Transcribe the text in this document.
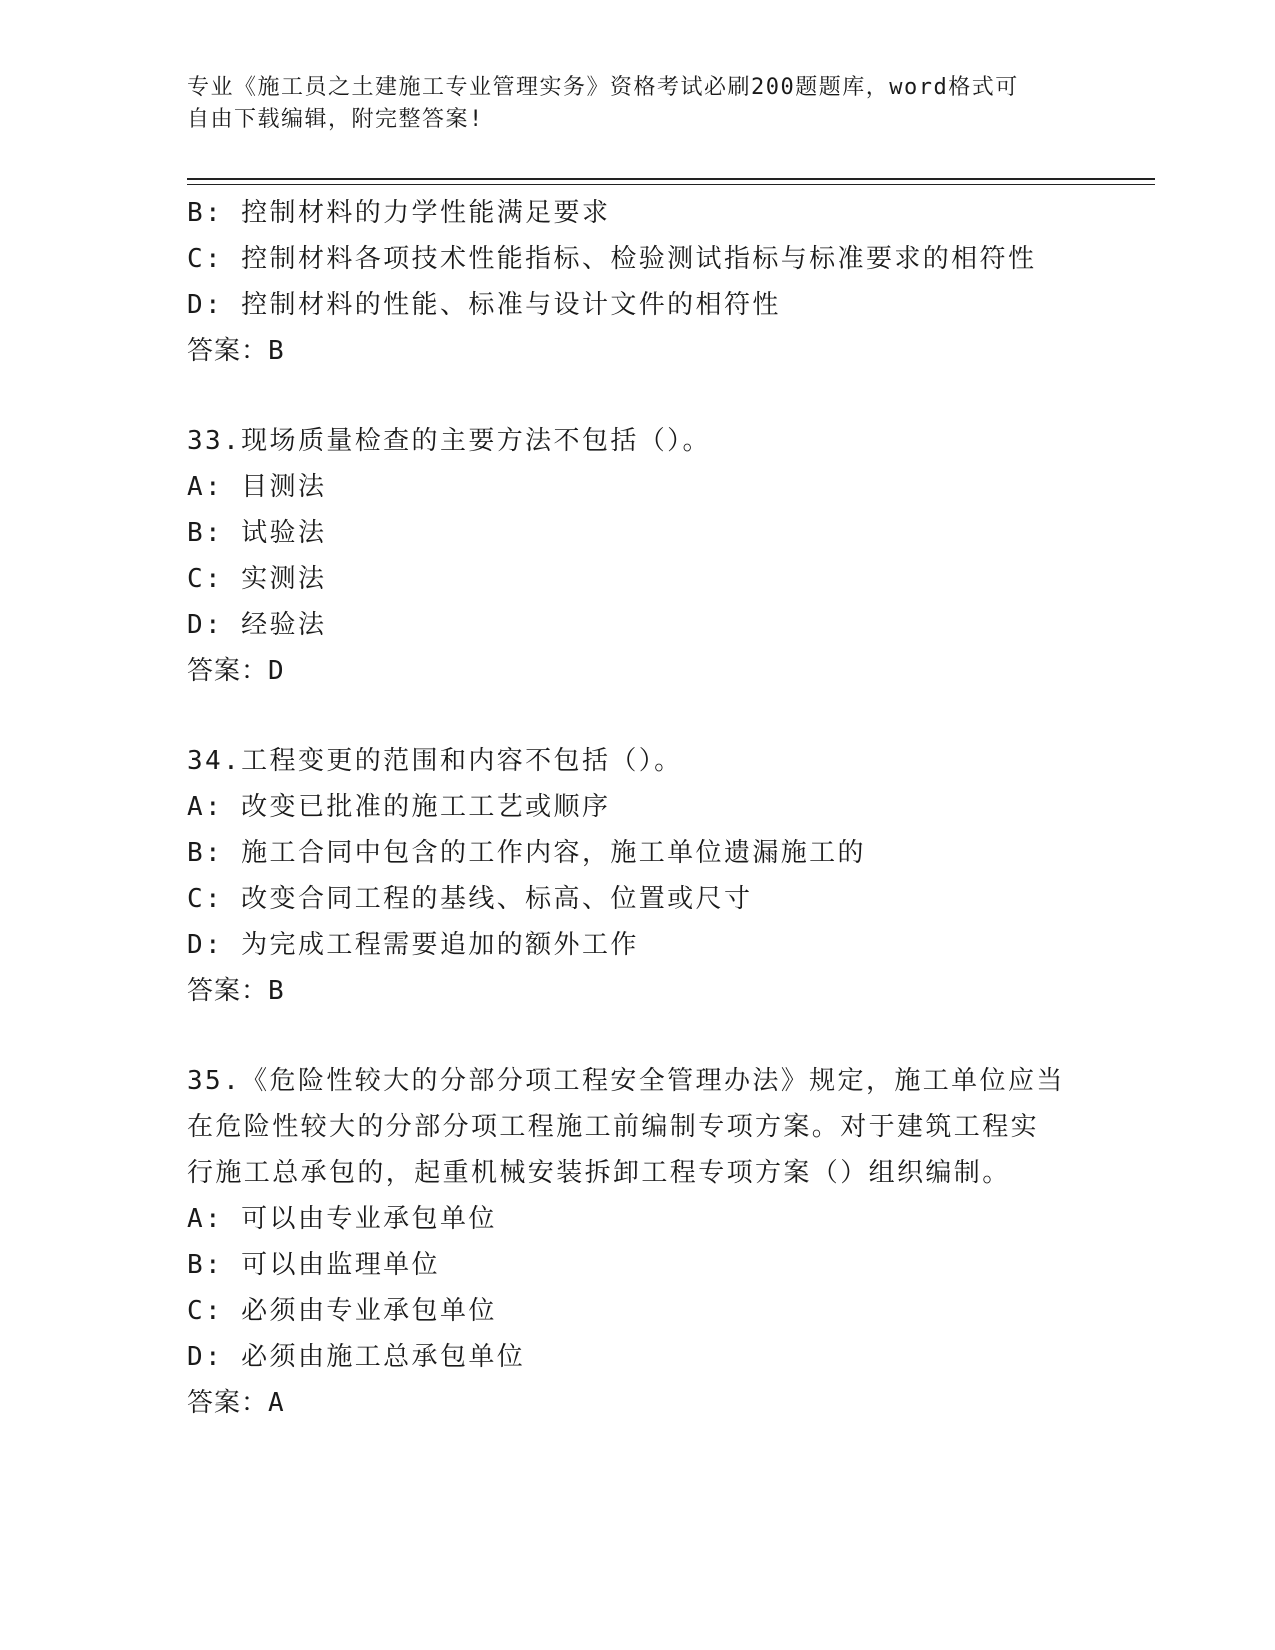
专业《施工员之土建施工专业管理实务》资格考试必刷200题题库，word格式可
自由下载编辑，附完整答案!
B: 控制材料的力学性能满足要求
C: 控制材料各项技术性能指标、检验测试指标与标准要求的相符性
D: 控制材料的性能、标准与设计文件的相符性
答案：B
33.现场质量检查的主要方法不包括（）。
A: 目测法
B: 试验法
C: 实测法
D: 经验法
答案：D
34.工程变更的范围和内容不包括（）。
A: 改变已批准的施工工艺或顺序
B: 施工合同中包含的工作内容，施工单位遗漏施工的
C: 改变合同工程的基线、标高、位置或尺寸
D: 为完成工程需要追加的额外工作
答案：B
35.《危险性较大的分部分项工程安全管理办法》规定，施工单位应当
在危险性较大的分部分项工程施工前编制专项方案。对于建筑工程实
行施工总承包的，起重机械安装拆卸工程专项方案（）组织编制。
A: 可以由专业承包单位
B: 可以由监理单位
C: 必须由专业承包单位
D: 必须由施工总承包单位
答案：A
